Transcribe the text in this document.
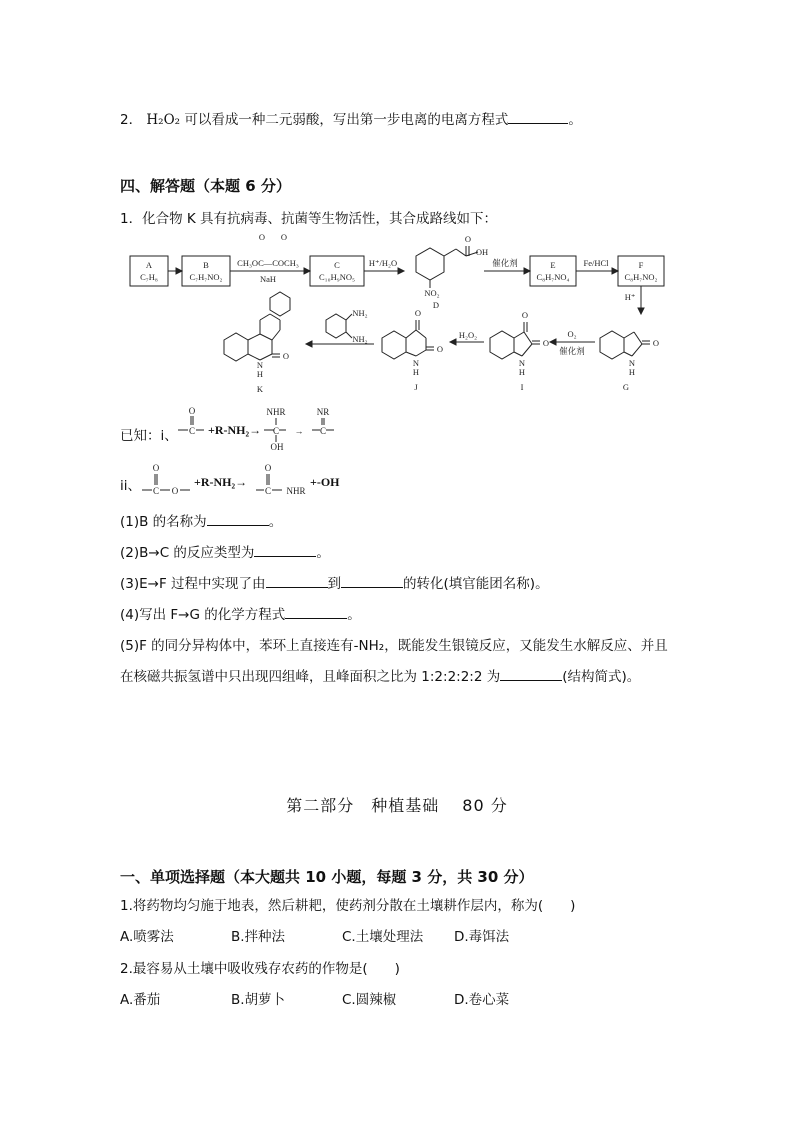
2． H₂O₂ 可以看成一种二元弱酸，写出第一步电离的电离方程式	。
四、解答题（本题 6 分）
1．化合物 K 具有抗病毒、抗菌等生物活性，其合成路线如下：
A
C₇H₈
B
C₇H₇NO₂
CH₃OC—COCH₃
O O
NaH
C
C₁₀H₉NO₅
H⁺/H₂O
O
OH
NO₂
D
催化剂	E
C₈H₇NO₄
Fe/HCl	F
C₈H₇NO₂
H⁺
O
N
H
G
O₂
催化剂
O
O
N
H
I
H₂O₂
O
O
N
H
J
NH₂
NH₂
O
N
H
K
已知：i、
O
C
NHR
C
OH
→
NR
C
+R-NH₂→
ii、
O
C O
O
C NHR
+R-NH₂→	+-OH
(1)B 的名称为	。
(2)B→C 的反应类型为	。
(3)E→F 过程中实现了由	到	的转化(填官能团名称)。
(4)写出 F→G 的化学方程式	。
(5)F 的同分异构体中，苯环上直接连有-NH₂，既能发生银镜反应，又能发生水解反应、并且
在核磁共振氢谱中只出现四组峰，且峰面积之比为 1:2:2:2:2 为	(结构简式)。
第二部分　种植基础　 80 分
一、单项选择题（本大题共 10 小题，每题 3 分，共 30 分）
1.将药物均匀施于地表，然后耕耙，使药剂分散在土壤耕作层内，称为(　　)
A.喷雾法	B.拌种法	C.土壤处理法 D.毒饵法
2.最容易从土壤中吸收残存农药的作物是(　　)
A.番茄	B.胡萝卜	C.圆辣椒	D.卷心菜
